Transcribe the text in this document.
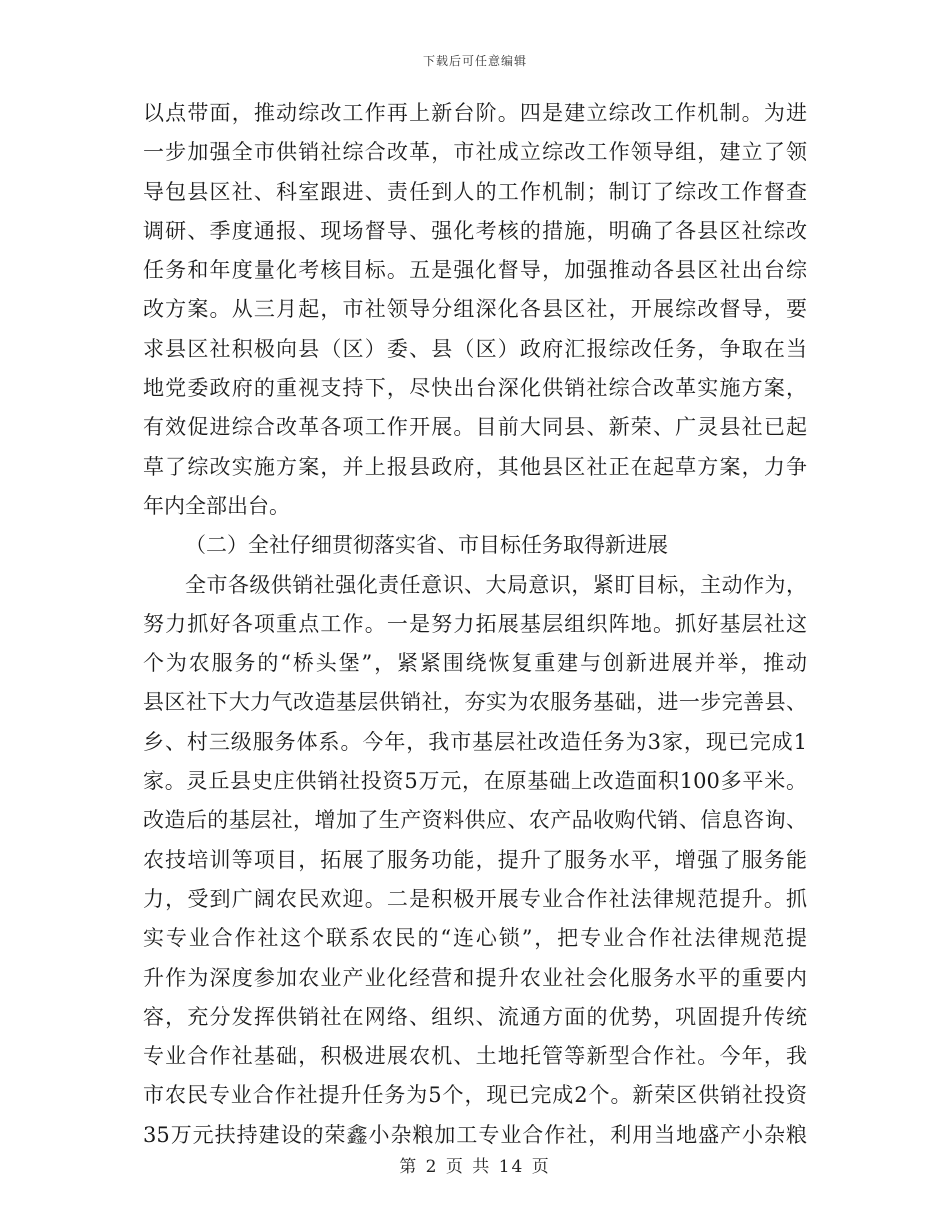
下载后可任意编辑
以点带面，推动综改工作再上新台阶。四是建立综改工作机制。为进
一步加强全市供销社综合改革，市社成立综改工作领导组，建立了领
导包县区社、科室跟进、责任到人的工作机制；制订了综改工作督查
调研、季度通报、现场督导、强化考核的措施，明确了各县区社综改
任务和年度量化考核目标。五是强化督导，加强推动各县区社出台综
改方案。从三月起，市社领导分组深化各县区社，开展综改督导，要
求县区社积极向县（区）委、县（区）政府汇报综改任务，争取在当
地党委政府的重视支持下，尽快出台深化供销社综合改革实施方案，
有效促进综合改革各项工作开展。目前大同县、新荣、广灵县社已起
草了综改实施方案，并上报县政府，其他县区社正在起草方案，力争
年内全部出台。
（二）全社仔细贯彻落实省、市目标任务取得新进展
全市各级供销社强化责任意识、大局意识，紧盯目标，主动作为，
努力抓好各项重点工作。一是努力拓展基层组织阵地。抓好基层社这
个为农服务的“桥头堡”，紧紧围绕恢复重建与创新进展并举，推动
县区社下大力气改造基层供销社，夯实为农服务基础，进一步完善县、
乡、村三级服务体系。今年，我市基层社改造任务为3家，现已完成1
家。灵丘县史庄供销社投资5万元，在原基础上改造面积100多平米。
改造后的基层社，增加了生产资料供应、农产品收购代销、信息咨询、
农技培训等项目，拓展了服务功能，提升了服务水平，增强了服务能
力，受到广阔农民欢迎。二是积极开展专业合作社法律规范提升。抓
实专业合作社这个联系农民的“连心锁”，把专业合作社法律规范提
升作为深度参加农业产业化经营和提升农业社会化服务水平的重要内
容，充分发挥供销社在网络、组织、流通方面的优势，巩固提升传统
专业合作社基础，积极进展农机、土地托管等新型合作社。今年，我
市农民专业合作社提升任务为5个，现已完成2个。新荣区供销社投资
35万元扶持建设的荣鑫小杂粮加工专业合作社，利用当地盛产小杂粮
第 2 页 共 14 页
